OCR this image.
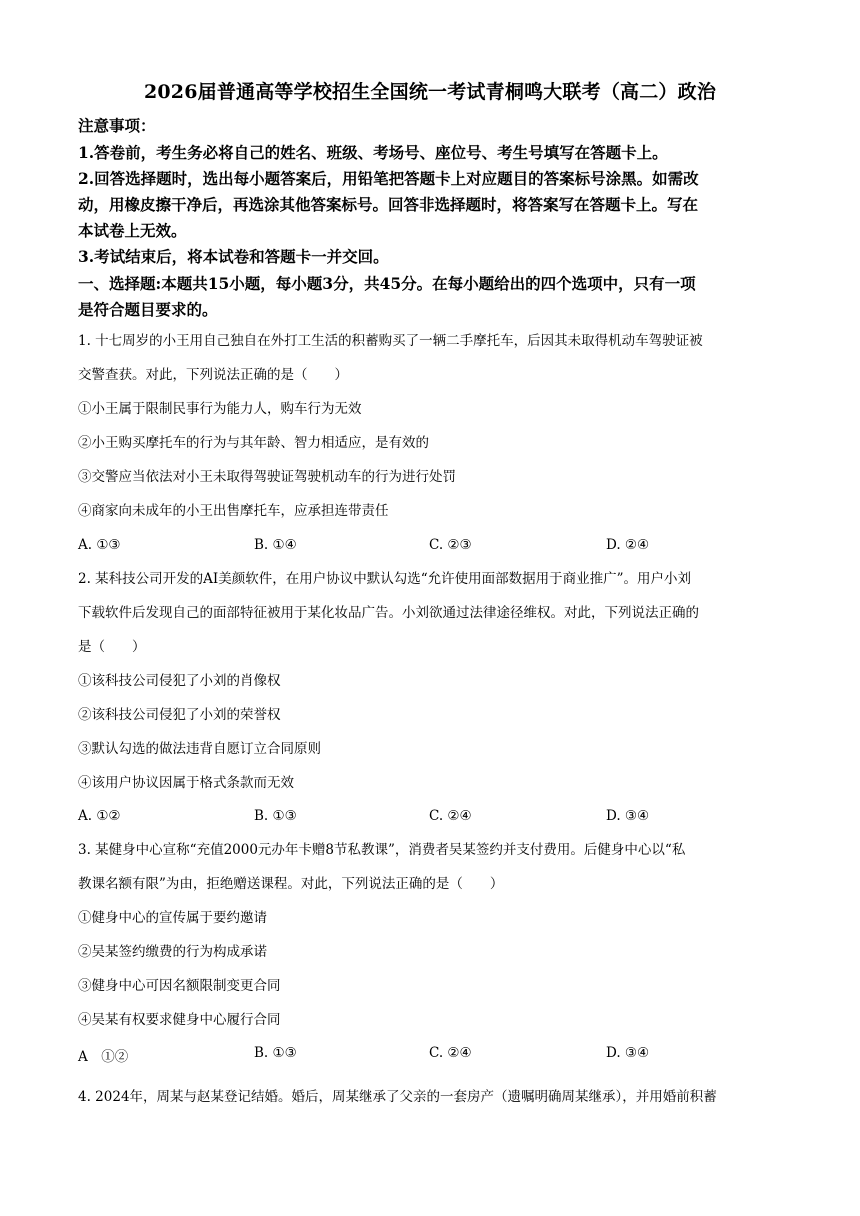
2026届普通高等学校招生全国统一考试青桐鸣大联考（高二）政治
注意事项：
1.答卷前，考生务必将自己的姓名、班级、考场号、座位号、考生号填写在答题卡上。
2.回答选择题时，选出每小题答案后，用铅笔把答题卡上对应题目的答案标号涂黑。如需改
动，用橡皮擦干净后，再选涂其他答案标号。回答非选择题时，将答案写在答题卡上。写在
本试卷上无效。
3.考试结束后，将本试卷和答题卡一并交回。
一、选择题:本题共15小题，每小题3分，共45分。在每小题给出的四个选项中，只有一项
是符合题目要求的。
1. 十七周岁的小王用自己独自在外打工生活的积蓄购买了一辆二手摩托车，后因其未取得机动车驾驶证被
交警查获。对此，下列说法正确的是（　　）
①小王属于限制民事行为能力人，购车行为无效
②小王购买摩托车的行为与其年龄、智力相适应，是有效的
③交警应当依法对小王未取得驾驶证驾驶机动车的行为进行处罚
④商家向未成年的小王出售摩托车，应承担连带责任
A. ①③	B. ①④	C. ②③	D. ②④
2. 某科技公司开发的AI美颜软件，在用户协议中默认勾选“允许使用面部数据用于商业推广”。用户小刘
下载软件后发现自己的面部特征被用于某化妆品广告。小刘欲通过法律途径维权。对此，下列说法正确的
是（　　）
①该科技公司侵犯了小刘的肖像权
②该科技公司侵犯了小刘的荣誉权
③默认勾选的做法违背自愿订立合同原则
④该用户协议因属于格式条款而无效
A. ①②	B. ①③	C. ②④	D. ③④
3. 某健身中心宣称“充值2000元办年卡赠8节私教课”，消费者吴某签约并支付费用。后健身中心以“私
教课名额有限”为由，拒绝赠送课程。对此，下列说法正确的是（　　）
①健身中心的宣传属于要约邀请
②吴某签约缴费的行为构成承诺
③健身中心可因名额限制变更合同
④吴某有权要求健身中心履行合同
A　①②	B. ①③	C. ②④	D. ③④
4. 2024年，周某与赵某登记结婚。婚后，周某继承了父亲的一套房产（遗嘱明确周某继承），并用婚前积蓄
